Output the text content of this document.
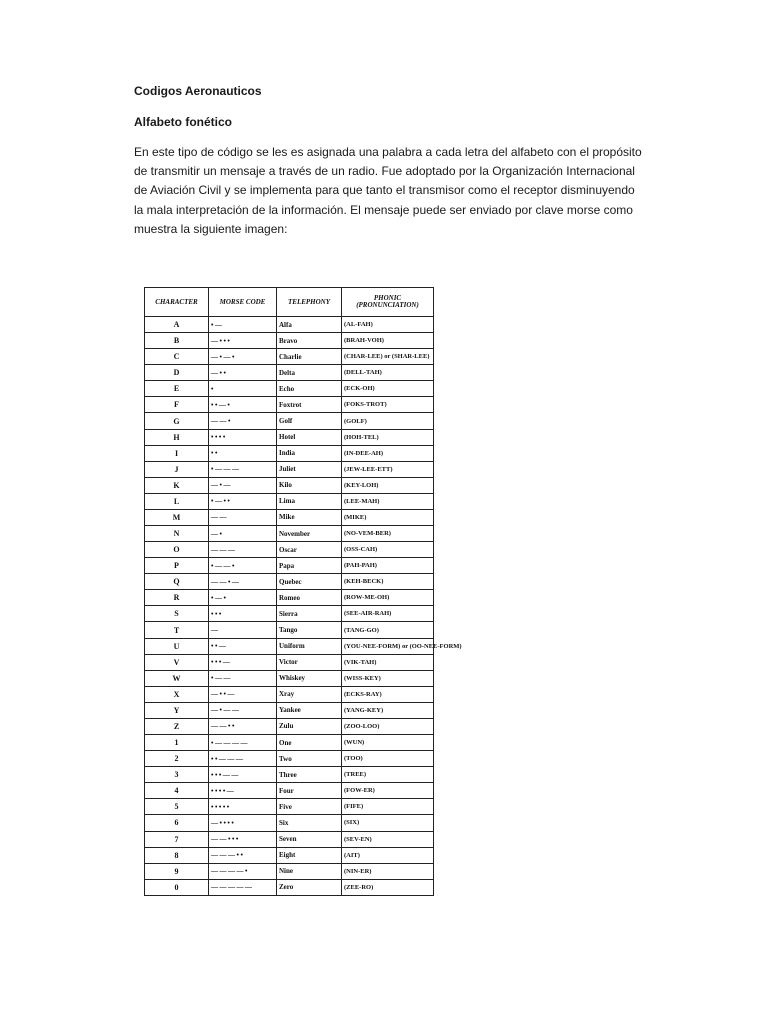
Codigos Aeronauticos
Alfabeto fonético

En este tipo de código se les es asignada una palabra a cada letra del alfabeto con el propósito de transmitir un mensaje a través de un radio. Fue adoptado por la Organización Internacional de Aviación Civil y se implementa para que tanto el transmisor como el receptor disminuyendo la mala interpretación de la información. El mensaje puede ser enviado por clave morse como muestra la siguiente imagen:

CHARACTER	MORSE CODE	TELEPHONY	PHONIC (PRONUNCIATION)
A	•—	Alfa	(AL-FAH)
B	—•••	Bravo	(BRAH-VOH)
C	—•—•	Charlie	(CHAR-LEE) or (SHAR-LEE)
D	—••	Delta	(DELL-TAH)
E	•	Echo	(ECK-OH)
F	••—•	Foxtrot	(FOKS-TROT)
G	——•	Golf	(GOLF)
H	••••	Hotel	(HOH-TEL)
I	••	India	(IN-DEE-AH)
J	•———	Juliet	(JEW-LEE-ETT)
K	—•—	Kilo	(KEY-LOH)
L	•—••	Lima	(LEE-MAH)
M	——	Mike	(MIKE)
N	—•	November	(NO-VEM-BER)
O	———	Oscar	(OSS-CAH)
P	•——•	Papa	(PAH-PAH)
Q	——•—	Quebec	(KEH-BECK)
R	•—•	Romeo	(ROW-ME-OH)
S	•••	Sierra	(SEE-AIR-RAH)
T	—	Tango	(TANG-GO)
U	••—	Uniform	(YOU-NEE-FORM) or (OO-NEE-FORM)
V	•••—	Victor	(VIK-TAH)
W	•——	Whiskey	(WISS-KEY)
X	—••—	Xray	(ECKS-RAY)
Y	—•——	Yankee	(YANG-KEY)
Z	——••	Zulu	(ZOO-LOO)
1	•————	One	(WUN)
2	••———	Two	(TOO)
3	•••——	Three	(TREE)
4	••••—	Four	(FOW-ER)
5	•••••	Five	(FIFE)
6	—••••	Six	(SIX)
7	——•••	Seven	(SEV-EN)
8	———••	Eight	(AIT)
9	————•	Nine	(NIN-ER)
0	—————	Zero	(ZEE-RO)
